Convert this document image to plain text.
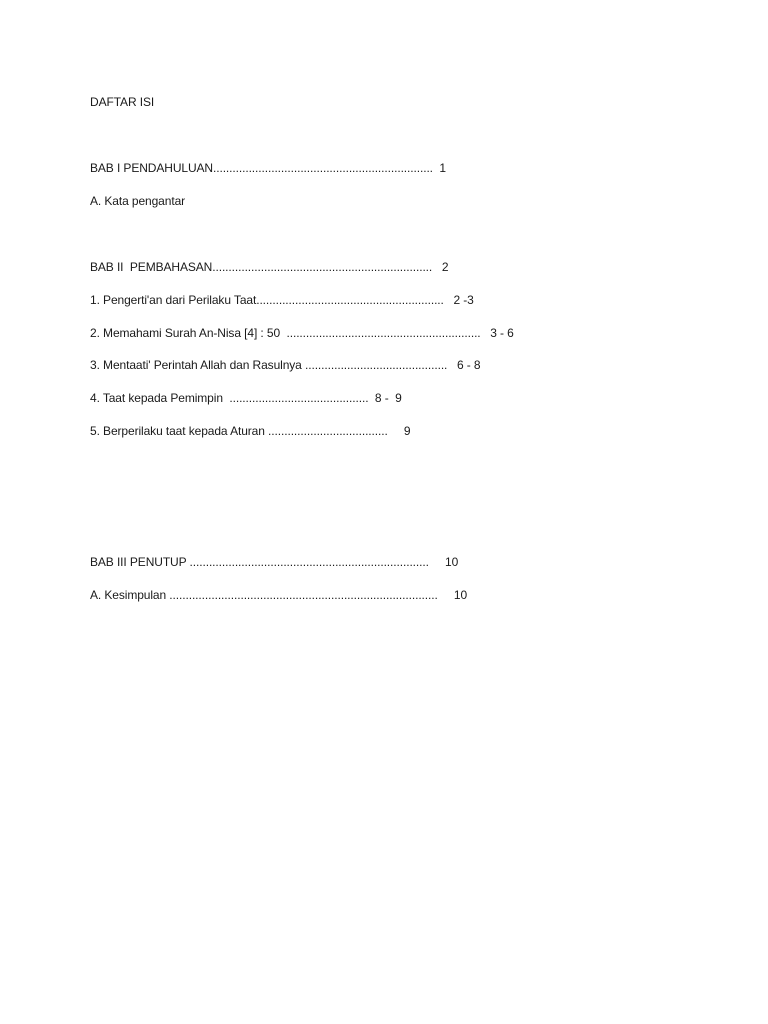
DAFTAR ISI
BAB I PENDAHULUAN....................................................................  1
A. Kata pengantar
BAB II  PEMBAHASAN....................................................................   2
1. Pengerti'an dari Perilaku Taat..........................................................   2 -3
2. Memahami Surah An-Nisa [4] : 50  ............................................................   3 - 6
3. Mentaati' Perintah Allah dan Rasulnya ............................................   6 - 8
4. Taat kepada Pemimpin  ...........................................  8 -  9
5. Berperilaku taat kepada Aturan .....................................     9
BAB III PENUTUP ..........................................................................     10
A. Kesimpulan ...................................................................................     10
